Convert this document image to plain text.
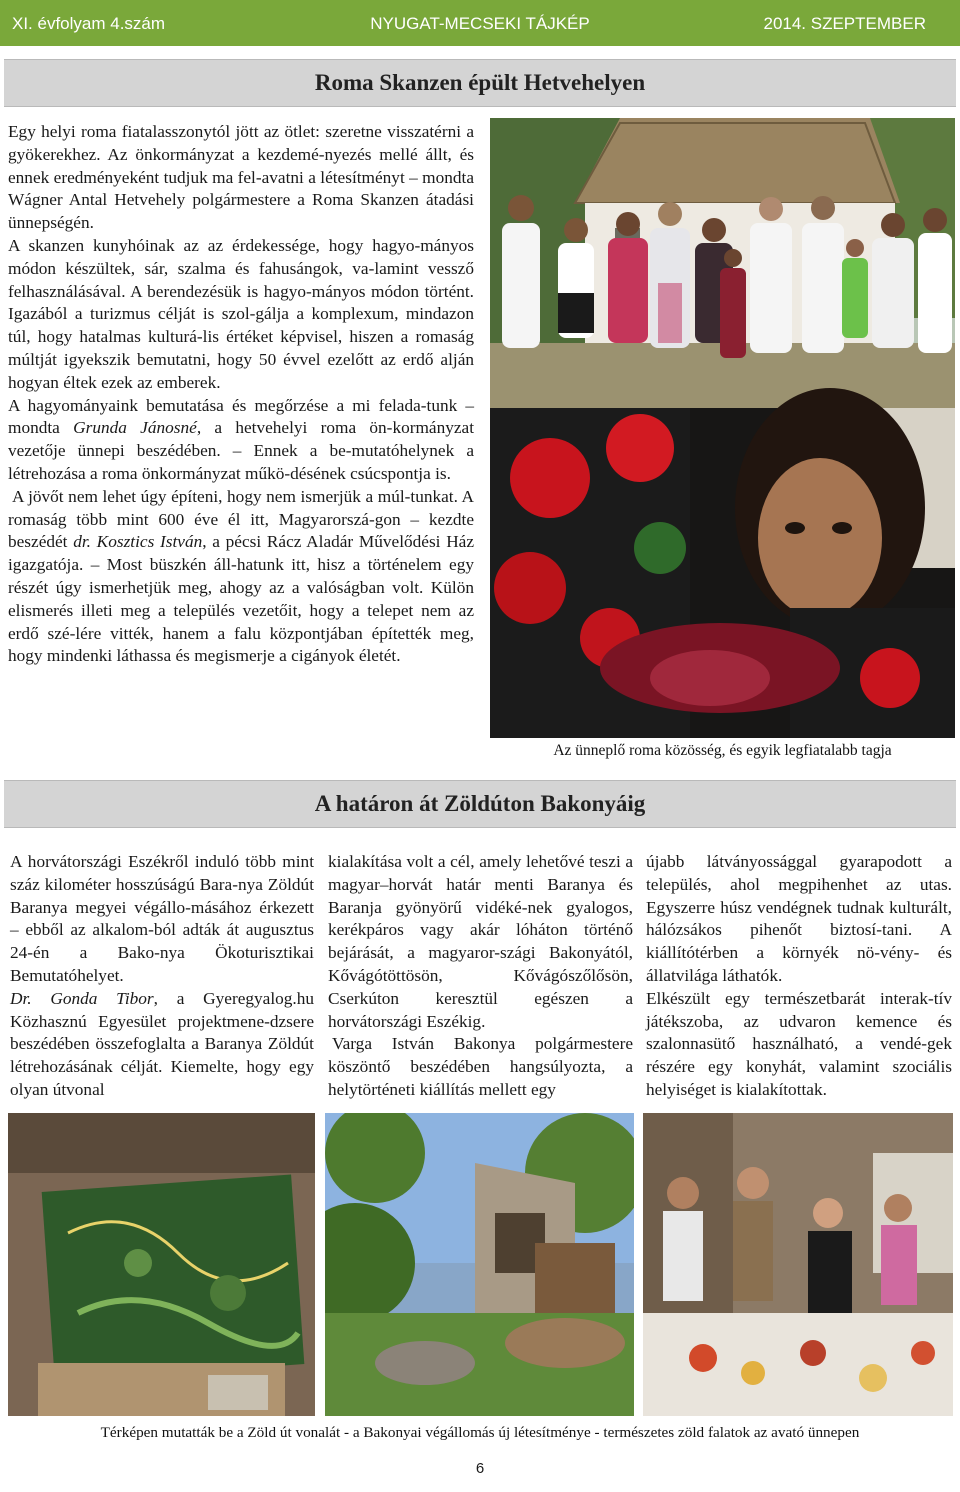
XI. évfolyam 4.szám	NYUGAT-MECSEKI TÁJKÉP	2014. SZEPTEMBER
Roma Skanzen épült Hetvehelyen

Egy helyi roma fiatalasszonytól jött az ötlet: szeretne visszatérni a gyökerekhez. Az önkormányzat a kezdemé-nyezés mellé állt, és ennek eredményeként tudjuk ma fel-avatni a létesítményt – mondta Wágner Antal Hetvehely polgármestere a Roma Skanzen átadási ünnepségén.

A skanzen kunyhóinak az az érdekessége, hogy hagyo-mányos módon készültek, sár, szalma és fahusángok, va-lamint vessző felhasználásával. A berendezésük is hagyo-mányos módon történt. Igazából a turizmus célját is szol-gálja a komplexum, mindazon túl, hogy hatalmas kulturá-lis értéket képvisel, hiszen a romaság múltját igyekszik bemutatni, hogy 50 évvel ezelőtt az erdő alján hogyan éltek ezek az emberek.

A hagyományaink bemutatása és megőrzése a mi felada-tunk – mondta Grunda Jánosné, a hetvehelyi roma ön-kormányzat vezetője ünnepi beszédében. – Ennek a be-mutatóhelynek a létrehozása a roma önkormányzat műkö-désének csúcspontja is.

A jövőt nem lehet úgy építeni, hogy nem ismerjük a múl-tunkat. A romaság több mint 600 éve él itt, Magyarorszá-gon – kezdte beszédét dr. Kosztics István, a pécsi Rácz Aladár Művelődési Ház igazgatója. – Most büszkén áll-hatunk itt, hisz a történelem egy részét úgy ismerhetjük meg, ahogy az a valóságban volt. Külön elismerés illeti meg a település vezetőit, hogy a telepet nem az erdő szé-lére vitték, hanem a falu központjában építették meg, hogy mindenki láthassa és megismerje a cigányok életét.

Az ünneplő roma közösség, és egyik legfiatalabb tagja
A határon át Zöldúton Bakonyáig

A horvátországi Eszékről induló több mint száz kilométer hosszúságú Bara-nya Zöldút Baranya megyei végállo-másához érkezett – ebből az alkalom-ból adták át augusztus 24-én a Bako-nya Ökoturisztikai Bemutatóhelyet.

Dr. Gonda Tibor, a Gyeregyalog.hu Közhasznú Egyesület projektmene-dzsere beszédében összefoglalta a Baranya Zöldút létrehozásának célját. Kiemelte, hogy egy olyan útvonal

kialakítása volt a cél, amely lehetővé teszi a magyar–horvát határ menti Baranya és Baranja gyönyörű vidéké-nek gyalogos, kerékpáros vagy akár lóháton történő bejárását, a magyaror-szági Bakonyától, Kővágótöttösön, Kővágószőlősön, Cserkúton keresztül egészen a horvátországi Eszékig.

Varga István Bakonya polgármestere köszöntő beszédében hangsúlyozta, a helytörténeti kiállítás mellett egy

újabb látványossággal gyarapodott a település, ahol megpihenhet az utas. Egyszerre húsz vendégnek tudnak kulturált, hálózsákos pihenőt biztosí-tani. A kiállítótérben a környék nö-vény- és állatvilága láthatók.

Elkészült egy természetbarát interak-tív játékszoba, az udvaron kemence és szalonnasütő használható, a vendé-gek részére egy konyhát, valamint szociális helyiséget is kialakítottak.

Térképen mutatták be a Zöld út vonalát - a Bakonyai végállomás új létesítménye - természetes zöld falatok az avató ünnepen
6
